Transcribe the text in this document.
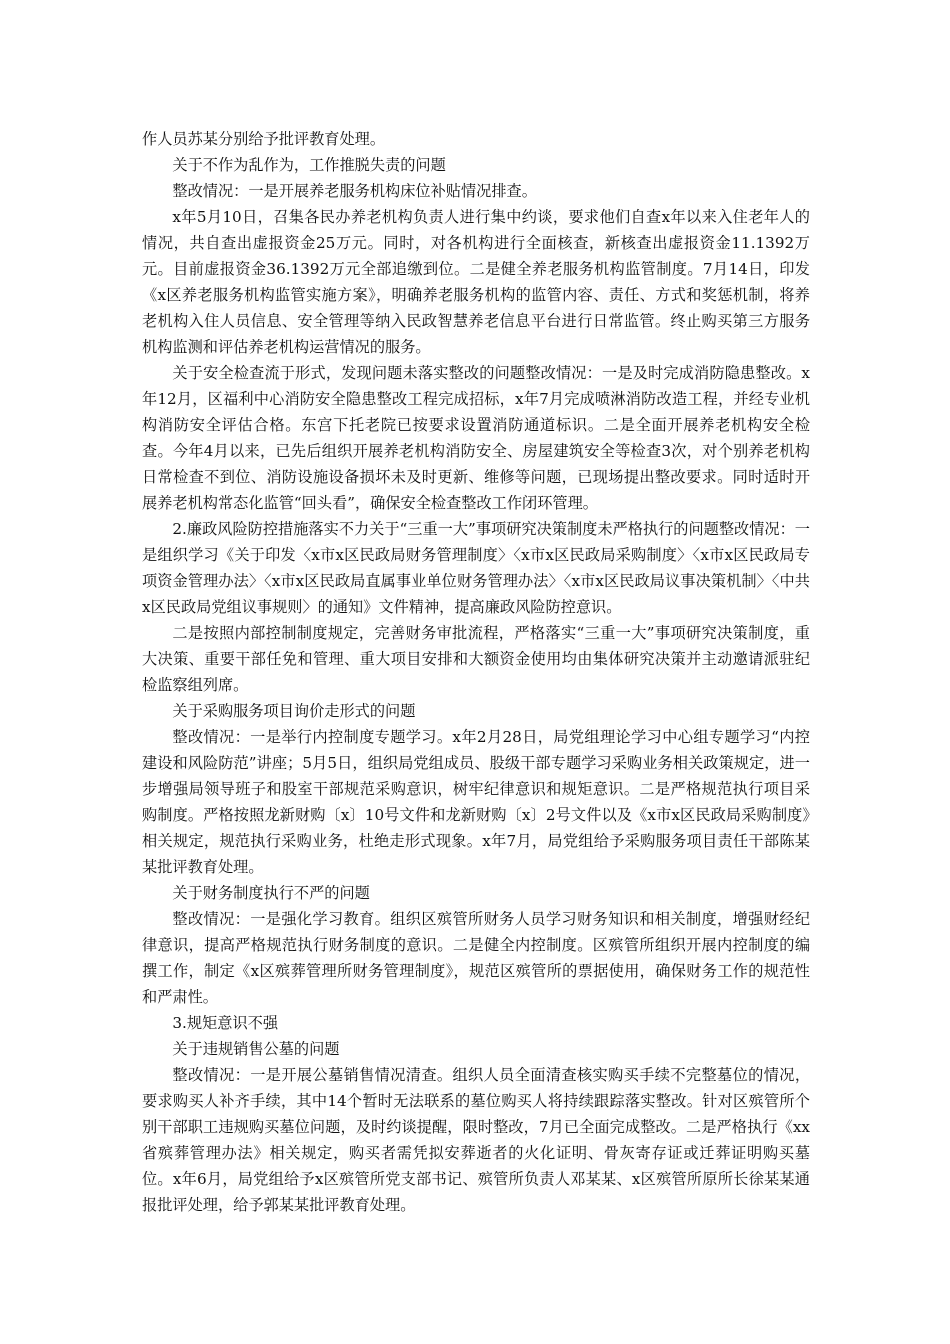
作人员苏某分别给予批评教育处理。

关于不作为乱作为，工作推脱失责的问题

整改情况：一是开展养老服务机构床位补贴情况排查。

x年5月10日，召集各民办养老机构负责人进行集中约谈，要求他们自查x年以来入住老年人的情况，共自查出虚报资金25万元。同时，对各机构进行全面核查，新核查出虚报资金11.1392万元。目前虚报资金36.1392万元全部追缴到位。二是健全养老服务机构监管制度。7月14日，印发《x区养老服务机构监管实施方案》，明确养老服务机构的监管内容、责任、方式和奖惩机制，将养老机构入住人员信息、安全管理等纳入民政智慧养老信息平台进行日常监管。终止购买第三方服务机构监测和评估养老机构运营情况的服务。

关于安全检查流于形式，发现问题未落实整改的问题整改情况：一是及时完成消防隐患整改。x年12月，区福利中心消防安全隐患整改工程完成招标，x年7月完成喷淋消防改造工程，并经专业机构消防安全评估合格。东宫下托老院已按要求设置消防通道标识。二是全面开展养老机构安全检查。今年4月以来，已先后组织开展养老机构消防安全、房屋建筑安全等检查3次，对个别养老机构日常检查不到位、消防设施设备损坏未及时更新、维修等问题，已现场提出整改要求。同时适时开展养老机构常态化监管“回头看”，确保安全检查整改工作闭环管理。

2.廉政风险防控措施落实不力关于“三重一大”事项研究决策制度未严格执行的问题整改情况：一是组织学习《关于印发〈x市x区民政局财务管理制度〉〈x市x区民政局采购制度〉〈x市x区民政局专项资金管理办法〉〈x市x区民政局直属事业单位财务管理办法〉〈x市x区民政局议事决策机制〉〈中共x区民政局党组议事规则〉的通知》文件精神，提高廉政风险防控意识。

二是按照内部控制制度规定，完善财务审批流程，严格落实“三重一大”事项研究决策制度，重大决策、重要干部任免和管理、重大项目安排和大额资金使用均由集体研究决策并主动邀请派驻纪检监察组列席。

关于采购服务项目询价走形式的问题

整改情况：一是举行内控制度专题学习。x年2月28日，局党组理论学习中心组专题学习“内控建设和风险防范”讲座；5月5日，组织局党组成员、股级干部专题学习采购业务相关政策规定，进一步增强局领导班子和股室干部规范采购意识，树牢纪律意识和规矩意识。二是严格规范执行项目采购制度。严格按照龙新财购〔x〕10号文件和龙新财购〔x〕2号文件以及《x市x区民政局采购制度》相关规定，规范执行采购业务，杜绝走形式现象。x年7月，局党组给予采购服务项目责任干部陈某某批评教育处理。

关于财务制度执行不严的问题

整改情况：一是强化学习教育。组织区殡管所财务人员学习财务知识和相关制度，增强财经纪律意识，提高严格规范执行财务制度的意识。二是健全内控制度。区殡管所组织开展内控制度的编撰工作，制定《x区殡葬管理所财务管理制度》，规范区殡管所的票据使用，确保财务工作的规范性和严肃性。

3.规矩意识不强

关于违规销售公墓的问题

整改情况：一是开展公墓销售情况清查。组织人员全面清查核实购买手续不完整墓位的情况，要求购买人补齐手续，其中14个暂时无法联系的墓位购买人将持续跟踪落实整改。针对区殡管所个别干部职工违规购买墓位问题，及时约谈提醒，限时整改，7月已全面完成整改。二是严格执行《xx省殡葬管理办法》相关规定，购买者需凭拟安葬逝者的火化证明、骨灰寄存证或迁葬证明购买墓位。x年6月，局党组给予x区殡管所党支部书记、殡管所负责人邓某某、x区殡管所原所长徐某某通报批评处理，给予郭某某批评教育处理。
